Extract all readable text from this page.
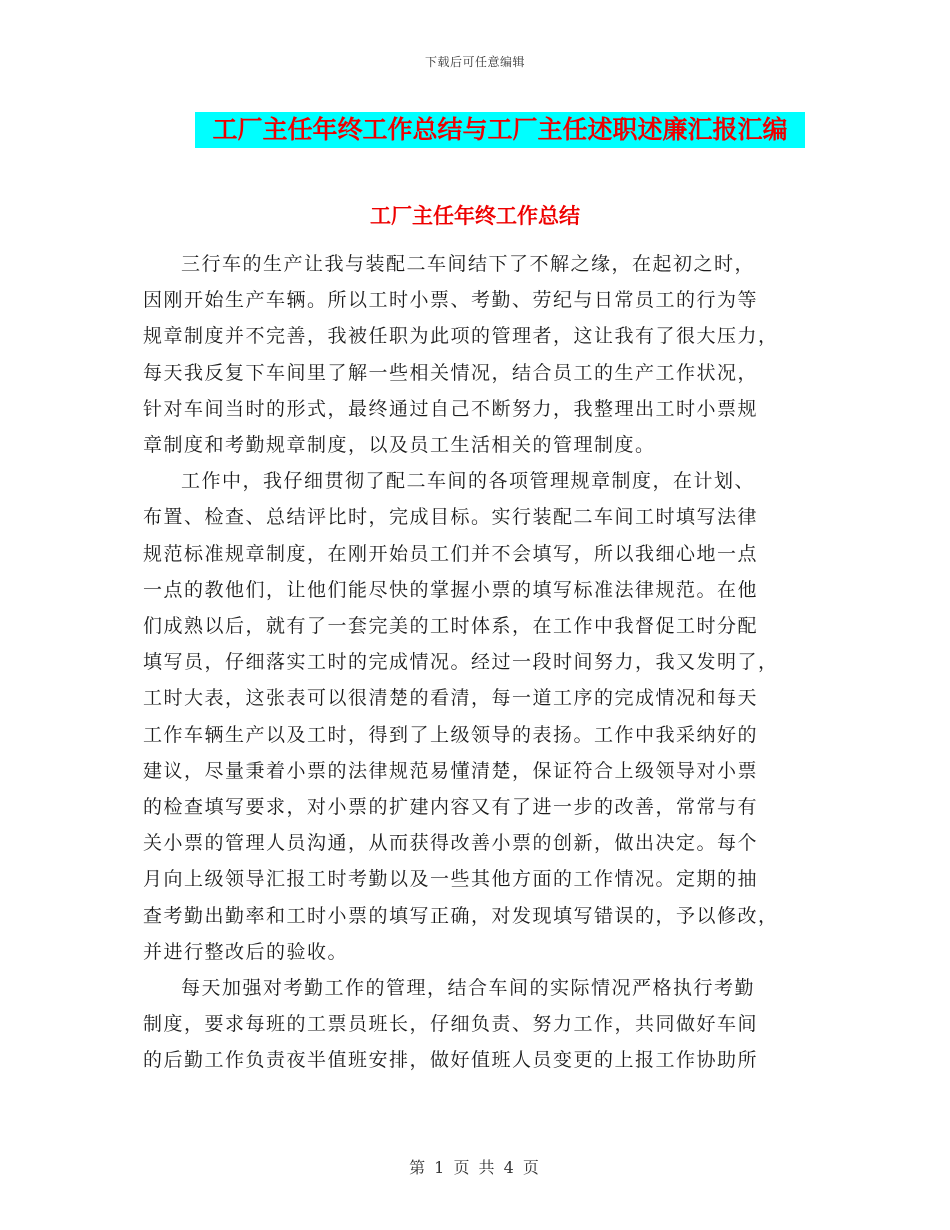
下载后可任意编辑
工厂主任年终工作总结与工厂主任述职述廉汇报汇编
工厂主任年终工作总结

三行车的生产让我与装配二车间结下了不解之缘，在起初之时，
因刚开始生产车辆。所以工时小票、考勤、劳纪与日常员工的行为等
规章制度并不完善，我被任职为此项的管理者，这让我有了很大压力，
每天我反复下车间里了解一些相关情况，结合员工的生产工作状况，
针对车间当时的形式，最终通过自己不断努力，我整理出工时小票规
章制度和考勤规章制度，以及员工生活相关的管理制度。

工作中，我仔细贯彻了配二车间的各项管理规章制度，在计划、
布置、检查、总结评比时，完成目标。实行装配二车间工时填写法律
规范标准规章制度，在刚开始员工们并不会填写，所以我细心地一点
一点的教他们，让他们能尽快的掌握小票的填写标准法律规范。在他
们成熟以后，就有了一套完美的工时体系，在工作中我督促工时分配
填写员，仔细落实工时的完成情况。经过一段时间努力，我又发明了，
工时大表，这张表可以很清楚的看清，每一道工序的完成情况和每天
工作车辆生产以及工时，得到了上级领导的表扬。工作中我采纳好的
建议，尽量秉着小票的法律规范易懂清楚，保证符合上级领导对小票
的检查填写要求，对小票的扩建内容又有了进一步的改善，常常与有
关小票的管理人员沟通，从而获得改善小票的创新，做出决定。每个
月向上级领导汇报工时考勤以及一些其他方面的工作情况。定期的抽
查考勤出勤率和工时小票的填写正确，对发现填写错误的，予以修改，
并进行整改后的验收。

每天加强对考勤工作的管理，结合车间的实际情况严格执行考勤
制度，要求每班的工票员班长，仔细负责、努力工作，共同做好车间
的后勤工作负责夜半值班安排，做好值班人员变更的上报工作协助所

第 1 页 共 4 页
